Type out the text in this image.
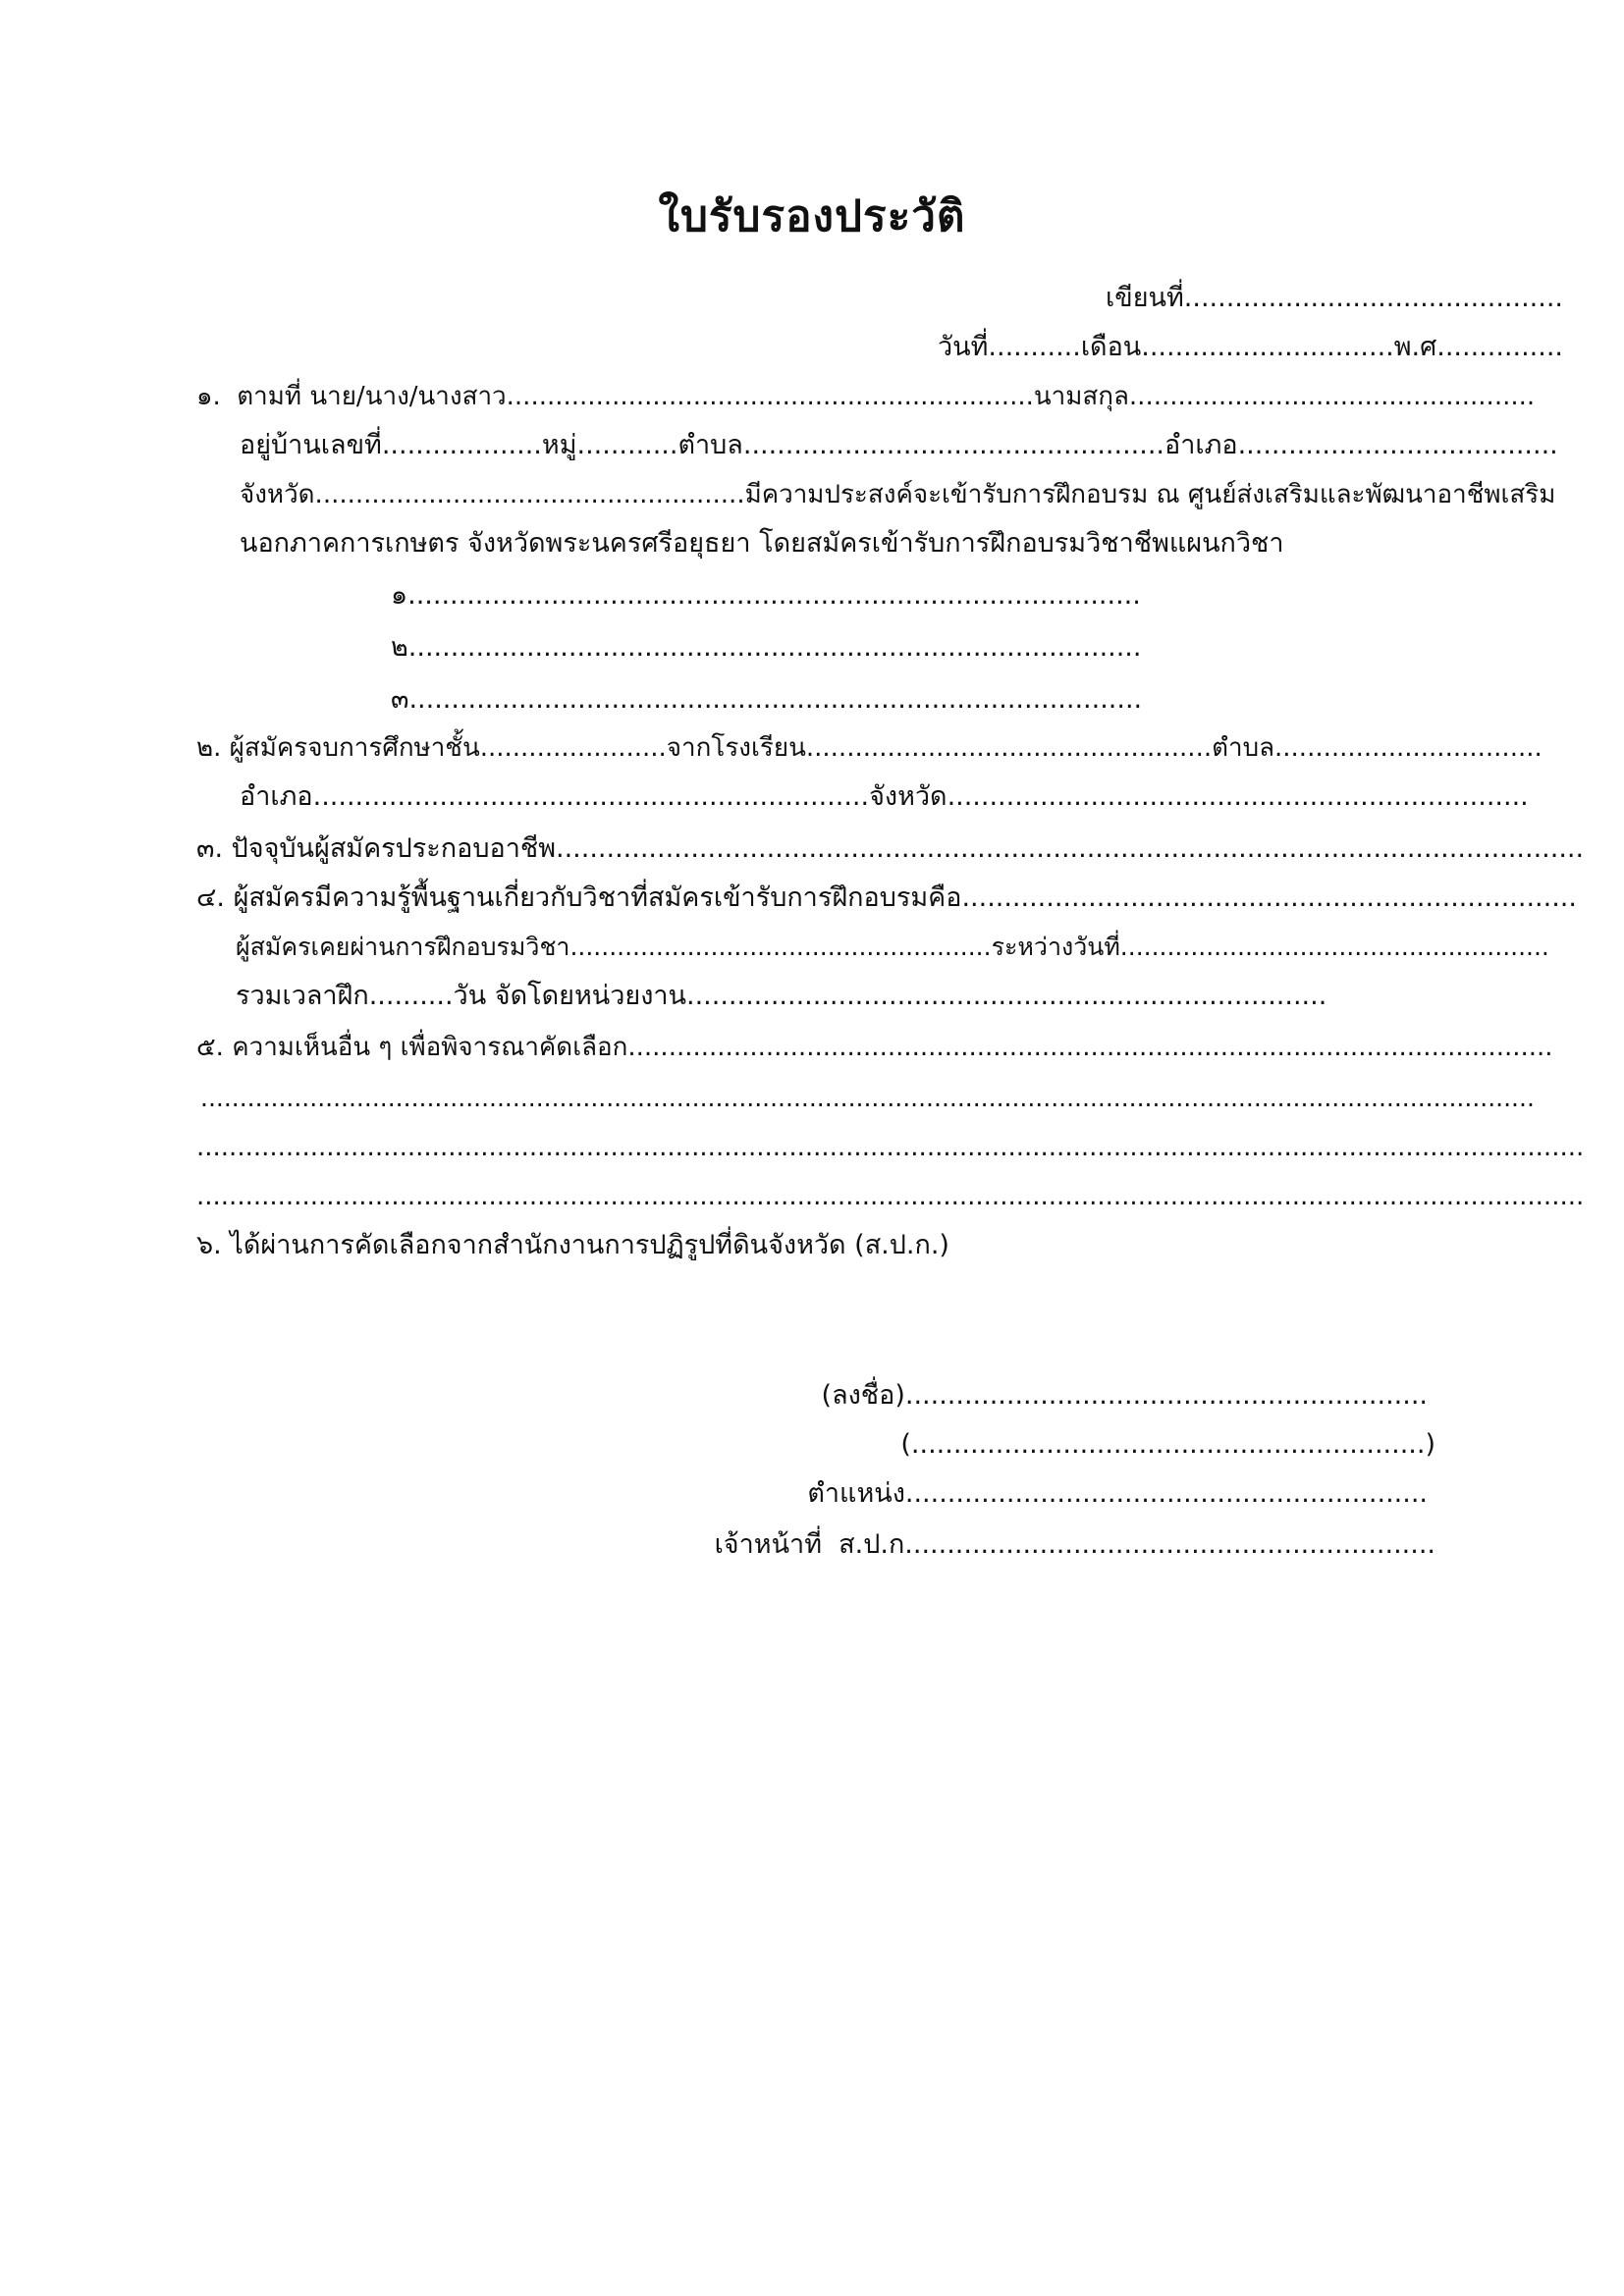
ใบรับรองประวัติ
เขียนที่.............................................
วันที่...........เดือน..............................พ.ศ...............
๑.  ตามที่ นาย/นาง/นางสาว.................................................................นามสกุล..................................................
อยู่บ้านเลขที่...................หมู่............ตำบล..................................................อำเภอ......................................
จังหวัด.....................................................มีความประสงค์จะเข้ารับการฝึกอบรม ณ ศูนย์ส่งเสริมและพัฒนาอาชีพเสริม
นอกภาคการเกษตร จังหวัดพระนครศรีอยุธยา โดยสมัครเข้ารับการฝึกอบรมวิชาชีพแผนกวิชา
๑.......................................................................................
๒.......................................................................................
๓.......................................................................................
๒. ผู้สมัครจบการศึกษาชั้น.......................จากโรงเรียน..................................................ตำบล.................................
อำเภอ..................................................................จังหวัด.....................................................................
๓. ปัจจุบันผู้สมัครประกอบอาชีพ..........................................................................................................................
๔. ผู้สมัครมีความรู้พื้นฐานเกี่ยวกับวิชาที่สมัครเข้ารับการฝึกอบรมคือ.........................................................................
ผู้สมัครเคยผ่านการฝึกอบรมวิชา......................................................ระหว่างวันที่.......................................................
รวมเวลาฝึก..........วัน จัดโดยหน่วยงาน............................................................................
๕. ความเห็นอื่น ๆ เพื่อพิจารณาคัดเลือก..................................................................................................................
...........................................................................................................................................................................
...........................................................................................................................................................................
...........................................................................................................................................................................
๖. ได้ผ่านการคัดเลือกจากสำนักงานการปฏิรูปที่ดินจังหวัด (ส.ป.ก.)
(ลงชื่อ)..............................................................
(.............................................................)
ตำแหน่ง..............................................................
เจ้าหน้าที่  ส.ป.ก...............................................................
